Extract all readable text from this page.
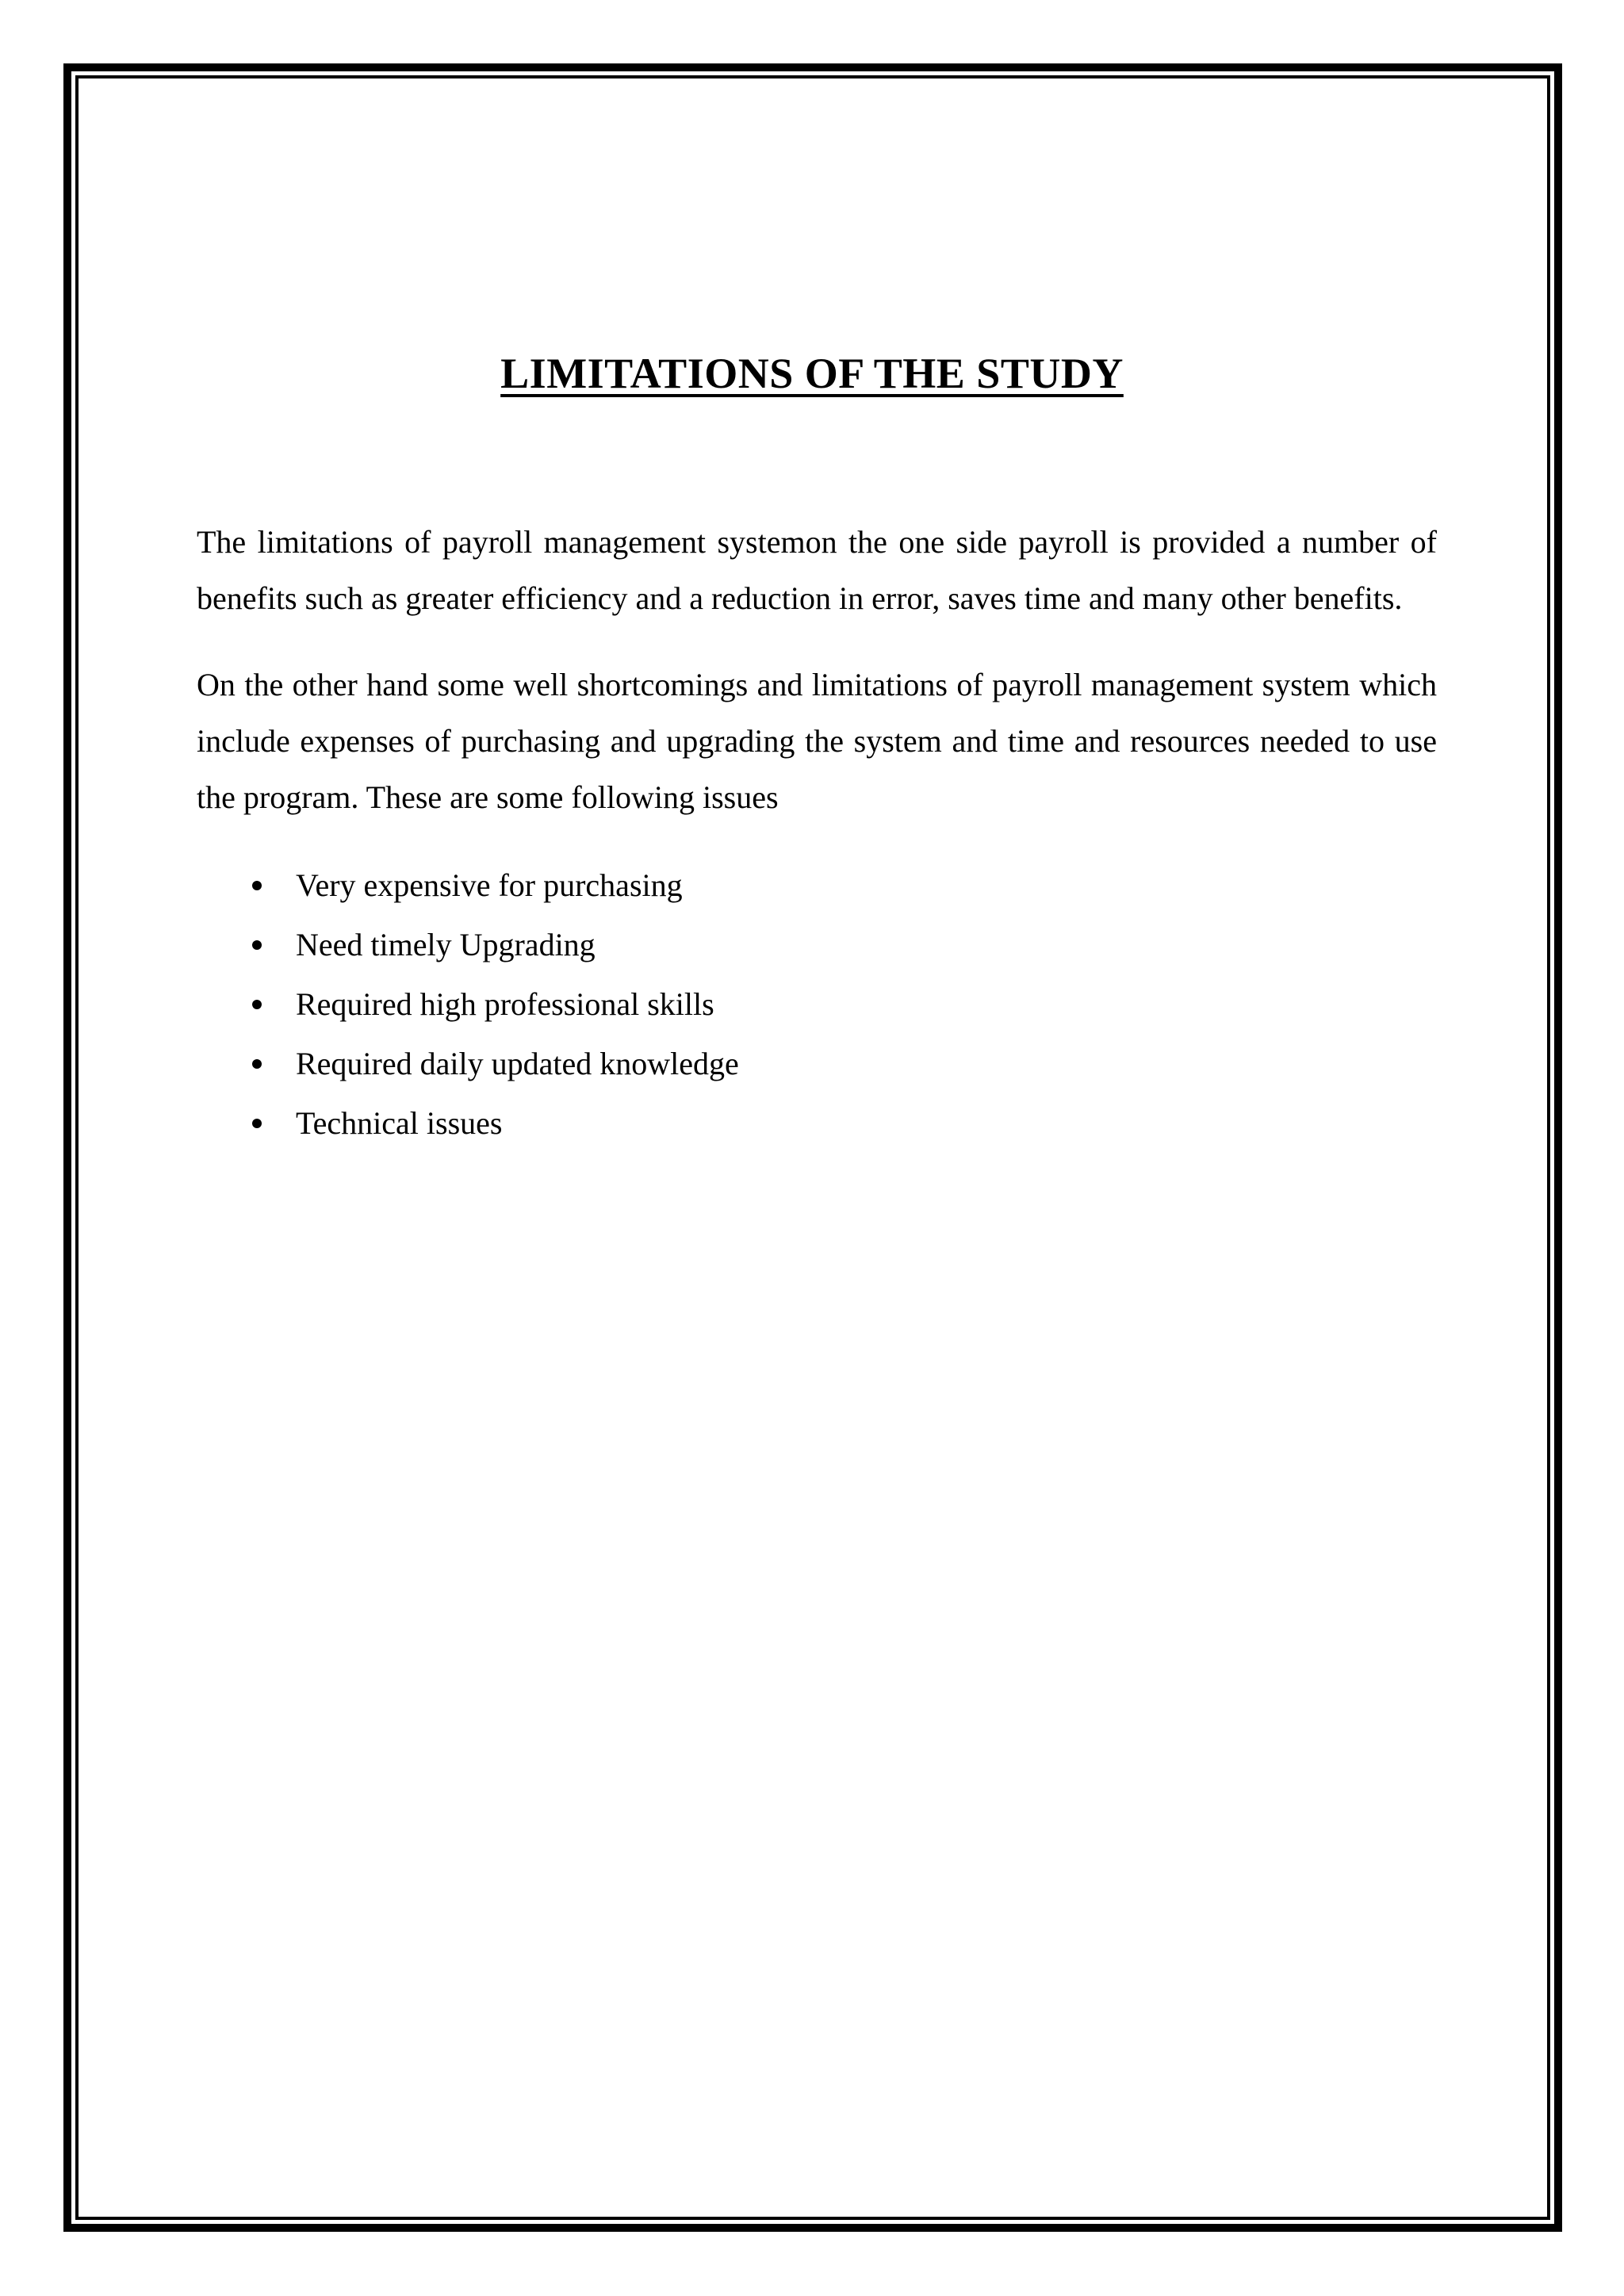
LIMITATIONS OF THE STUDY

The limitations of payroll management systemon the one side payroll is provided a number of benefits such as greater efficiency and a reduction in error, saves time and many other benefits.

On the other hand some well shortcomings and limitations of payroll management system which include expenses of purchasing and upgrading the system and time and resources needed to use the program. These are some following issues

Very expensive for purchasing
Need timely Upgrading
Required high professional skills
Required daily updated knowledge
Technical issues
